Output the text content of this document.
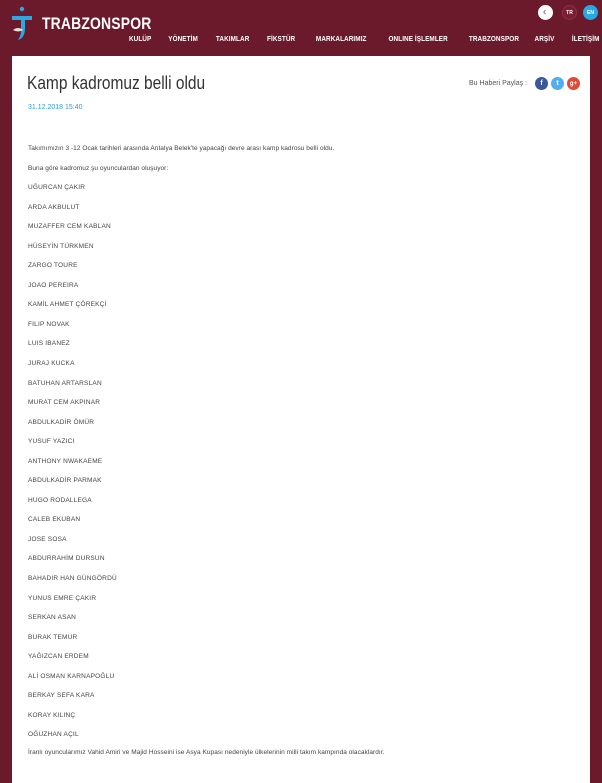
TRABZONSPOR
☾	TR	EN
KULÜP YÖNETİM TAKIMLAR FİKSTÜR	MARKALARIMIZ	ONLINE İŞLEMLER	TRABZONSPOR ARŞİV İLETİŞİM
Kamp kadromuz belli oldu
31.12.2018 15:40
Bu Haberi Paylaş :	f	t	g+
Takımımızın 3 -12 Ocak tarihleri arasında Antalya Belek'te yapacağı devre arası kamp kadrosu belli oldu.
Buna göre kadromuz şu oyunculardan oluşuyor:
UĞURCAN ÇAKIR
ARDA AKBULUT
MUZAFFER CEM KABLAN
HÜSEYİN TÜRKMEN
ZARGO TOURE
JOAO PEREIRA
KAMİL AHMET ÇÖREKÇİ
FILIP NOVAK
LUIS IBANEZ
JURAJ KUCKA
BATUHAN ARTARSLAN
MURAT CEM AKPINAR
ABDULKADİR ÖMÜR
YUSUF YAZICI
ANTHONY NWAKAEME
ABDULKADİR PARMAK
HUGO RODALLEGA
CALEB EKUBAN
JOSE SOSA
ABDURRAHİM DURSUN
BAHADIR HAN GÜNGÖRDÜ
YUNUS EMRE ÇAKIR
SERKAN ASAN
BURAK TEMUR
YAĞIZCAN ERDEM
ALİ OSMAN KARNAPOĞLU
BERKAY SEFA KARA
KORAY KILINÇ
OĞUZHAN AÇIL
İranlı oyuncularımız Vahid Amiri ve Majid Hosseini ise Asya Kupası nedeniyle ülkelerinin milli takım kampında olacaklardır.
